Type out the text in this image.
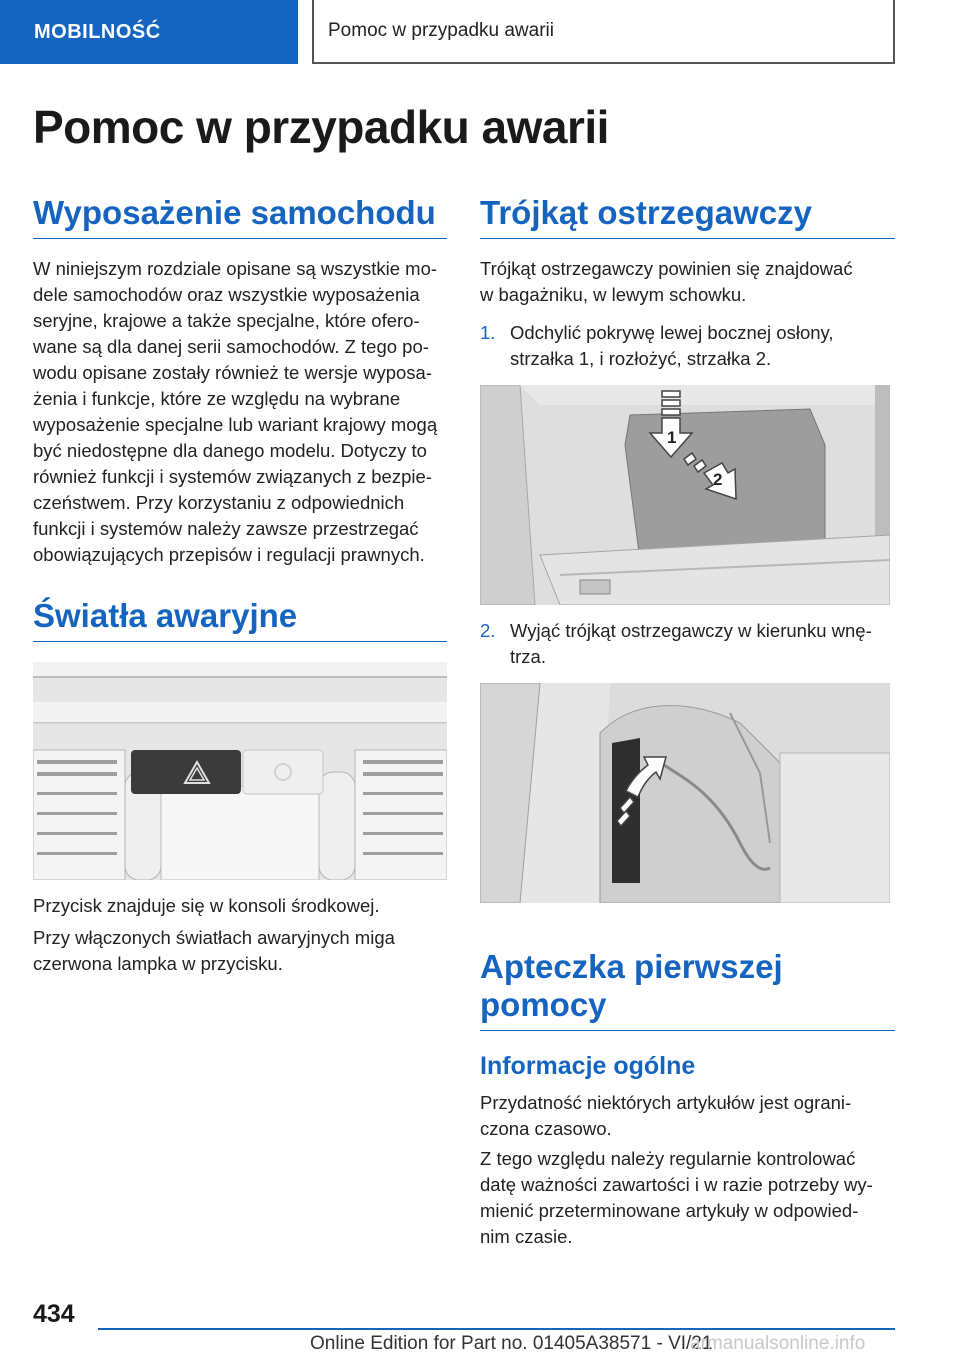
MOBILNOŚĆ	Pomoc w przypadku awarii
Pomoc w przypadku awarii
Wyposażenie samochodu

W niniejszym rozdziale opisane są wszystkie mo-
dele samochodów oraz wszystkie wyposażenia
seryjne, krajowe a także specjalne, które ofero-
wane są dla danej serii samochodów. Z tego po-
wodu opisane zostały również te wersje wyposa-
żenia i funkcje, które ze względu na wybrane
wyposażenie specjalne lub wariant krajowy mogą
być niedostępne dla danego modelu. Dotyczy to
również funkcji i systemów związanych z bezpie-
czeństwem. Przy korzystaniu z odpowiednich
funkcji i systemów należy zawsze przestrzegać
obowiązujących przepisów i regulacji prawnych.

Światła awaryjne

Przycisk znajduje się w konsoli środkowej.

Przy włączonych światłach awaryjnych miga
czerwona lampka w przycisku.

Trójkąt ostrzegawczy

Trójkąt ostrzegawczy powinien się znajdować
w bagażniku, w lewym schowku.

1. Odchylić pokrywę lewej bocznej osłony,
strzałka 1, i rozłożyć, strzałka 2.
1
2
2. Wyjąć trójkąt ostrzegawczy w kierunku wnę-
trza.
Apteczka pierwszej
pomocy
Informacje ogólne

Przydatność niektórych artykułów jest ograni-
czona czasowo.

Z tego względu należy regularnie kontrolować
datę ważności zawartości i w razie potrzeby wy-
mienić przeterminowane artykuły w odpowied-
nim czasie.

434
Online Edition for Part no. 01405A38571 - VI/21
armanualsonline.info
